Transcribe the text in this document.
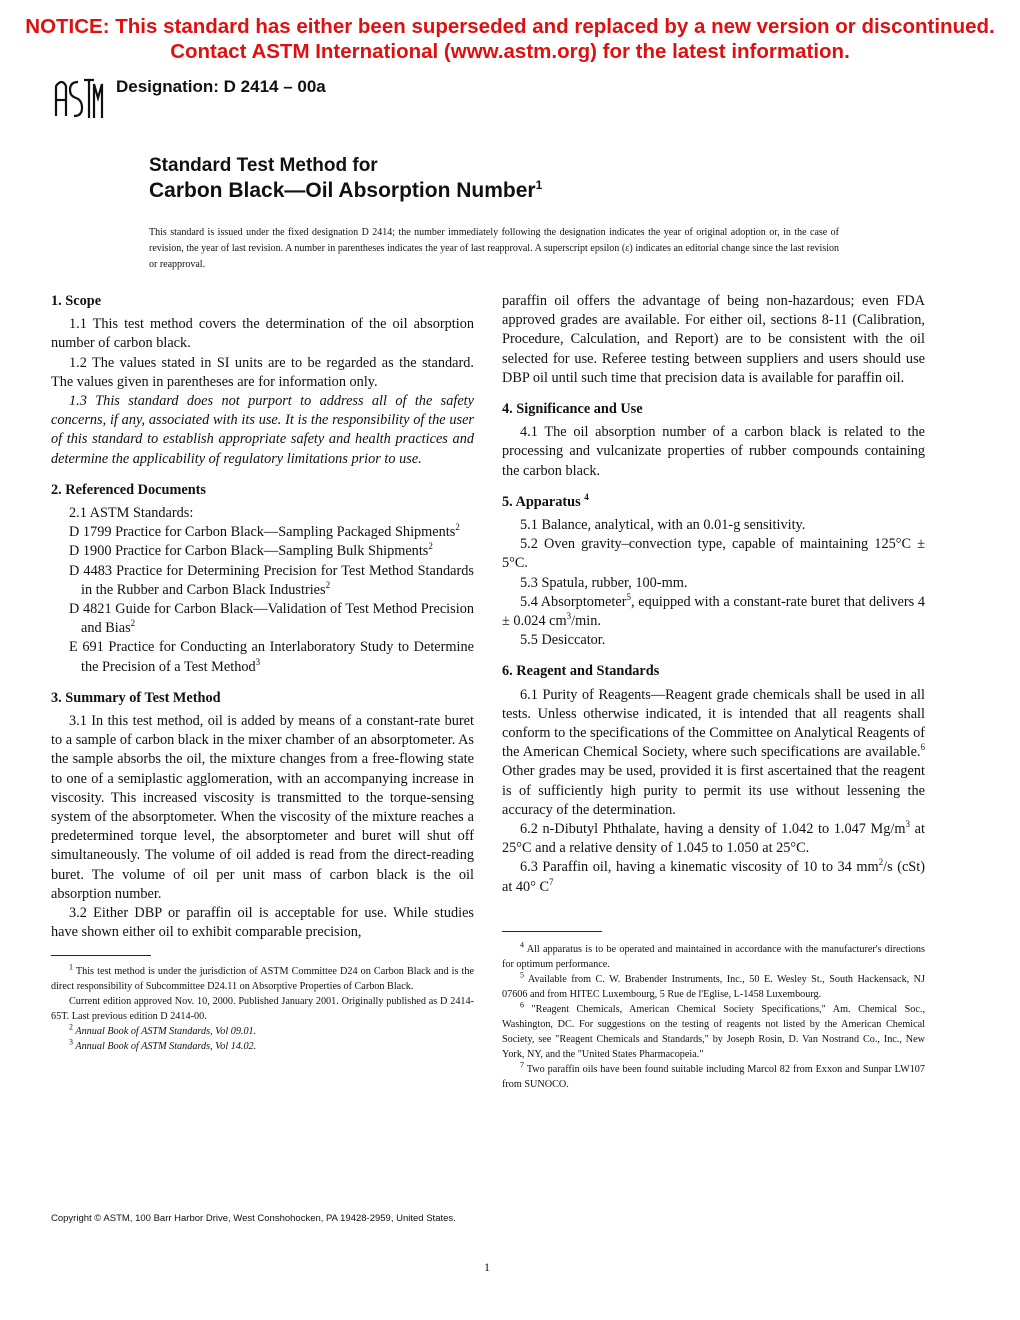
NOTICE: This standard has either been superseded and replaced by a new version or discontinued.
Contact ASTM International (www.astm.org) for the latest information.
ASTM
Designation: D 2414 – 00a
Standard Test Method for
Carbon Black—Oil Absorption Number$^1$
This standard is issued under the fixed designation D 2414; the number immediately following the designation indicates the year of original adoption or, in the case of revision, the year of last revision. A number in parentheses indicates the year of last reapproval. A superscript epsilon (ε) indicates an editorial change since the last revision or reapproval.
1. Scope

1.1 This test method covers the determination of the oil absorption number of carbon black.

1.2 The values stated in SI units are to be regarded as the standard. The values given in parentheses are for information only.

1.3 This standard does not purport to address all of the safety concerns, if any, associated with its use. It is the responsibility of the user of this standard to establish appropriate safety and health practices and determine the applicability of regulatory limitations prior to use.

2. Referenced Documents

2.1 ASTM Standards:

D 1799 Practice for Carbon Black—Sampling Packaged Shipments$^2$

D 1900 Practice for Carbon Black—Sampling Bulk Shipments$^2$

D 4483 Practice for Determining Precision for Test Method Standards in the Rubber and Carbon Black Industries$^2$

D 4821 Guide for Carbon Black—Validation of Test Method Precision and Bias$^2$

E 691 Practice for Conducting an Interlaboratory Study to Determine the Precision of a Test Method$^3$

3. Summary of Test Method

3.1 In this test method, oil is added by means of a constant-rate buret to a sample of carbon black in the mixer chamber of an absorptometer. As the sample absorbs the oil, the mixture changes from a free-flowing state to one of a semiplastic agglomeration, with an accompanying increase in viscosity. This increased viscosity is transmitted to the torque-sensing system of the absorptometer. When the viscosity of the mixture reaches a predetermined torque level, the absorptometer and buret will shut off simultaneously. The volume of oil added is read from the direct-reading buret. The volume of oil per unit mass of carbon black is the oil absorption number.

3.2 Either DBP or paraffin oil is acceptable for use. While studies have shown either oil to exhibit comparable precision,

$^1$ This test method is under the jurisdiction of ASTM Committee D24 on Carbon Black and is the direct responsibility of Subcommittee D24.11 on Absorptive Properties of Carbon Black.

Current edition approved Nov. 10, 2000. Published January 2001. Originally published as D 2414-65T. Last previous edition D 2414-00.

$^2$ Annual Book of ASTM Standards, Vol 09.01.

$^3$ Annual Book of ASTM Standards, Vol 14.02.

paraffin oil offers the advantage of being non-hazardous; even FDA approved grades are available. For either oil, sections 8-11 (Calibration, Procedure, Calculation, and Report) are to be consistent with the oil selected for use. Referee testing between suppliers and users should use DBP oil until such time that precision data is available for paraffin oil.

4. Significance and Use

4.1 The oil absorption number of a carbon black is related to the processing and vulcanizate properties of rubber compounds containing the carbon black.

5. Apparatus $^4$

5.1 Balance, analytical, with an 0.01-g sensitivity.

5.2 Oven gravity–convection type, capable of maintaining 125°C ± 5°C.

5.3 Spatula, rubber, 100-mm.

5.4 Absorptometer$^5$, equipped with a constant-rate buret that delivers 4 ± 0.024 $cm^3/\min$.

5.5 Desiccator.

6. Reagent and Standards

6.1 Purity of Reagents—Reagent grade chemicals shall be used in all tests. Unless otherwise indicated, it is intended that all reagents shall conform to the specifications of the Committee on Analytical Reagents of the American Chemical Society, where such specifications are available.$^6$ Other grades may be used, provided it is first ascertained that the reagent is of sufficiently high purity to permit its use without lessening the accuracy of the determination.

6.2 n-Dibutyl Phthalate, having a density of 1.042 to 1.047 $Mg/m^3$ at 25°C and a relative density of 1.045 to 1.050 at 25°C.

6.3 Paraffin oil, having a kinematic viscosity of 10 to 34 $mm^2/s$ (cSt) at 40° $C^7$

$^4$ All apparatus is to be operated and maintained in accordance with the manufacturer's directions for optimum performance.

$^5$ Available from C. W. Brabender Instruments, Inc., 50 E. Wesley St., South Hackensack, NJ 07606 and from HITEC Luxembourg, 5 Rue de l'Eglise, L-1458 Luxembourg.

$^6$ "Reagent Chemicals, American Chemical Society Specifications," Am. Chemical Soc., Washington, DC. For suggestions on the testing of reagents not listed by the American Chemical Society, see "Reagent Chemicals and Standards," by Joseph Rosin, D. Van Nostrand Co., Inc., New York, NY, and the "United States Pharmacopeia."

$^7$ Two paraffin oils have been found suitable including Marcol 82 from Exxon and Sunpar LW107 from SUNOCO.

Copyright © ASTM, 100 Barr Harbor Drive, West Conshohocken, PA 19428-2959, United States.
1
